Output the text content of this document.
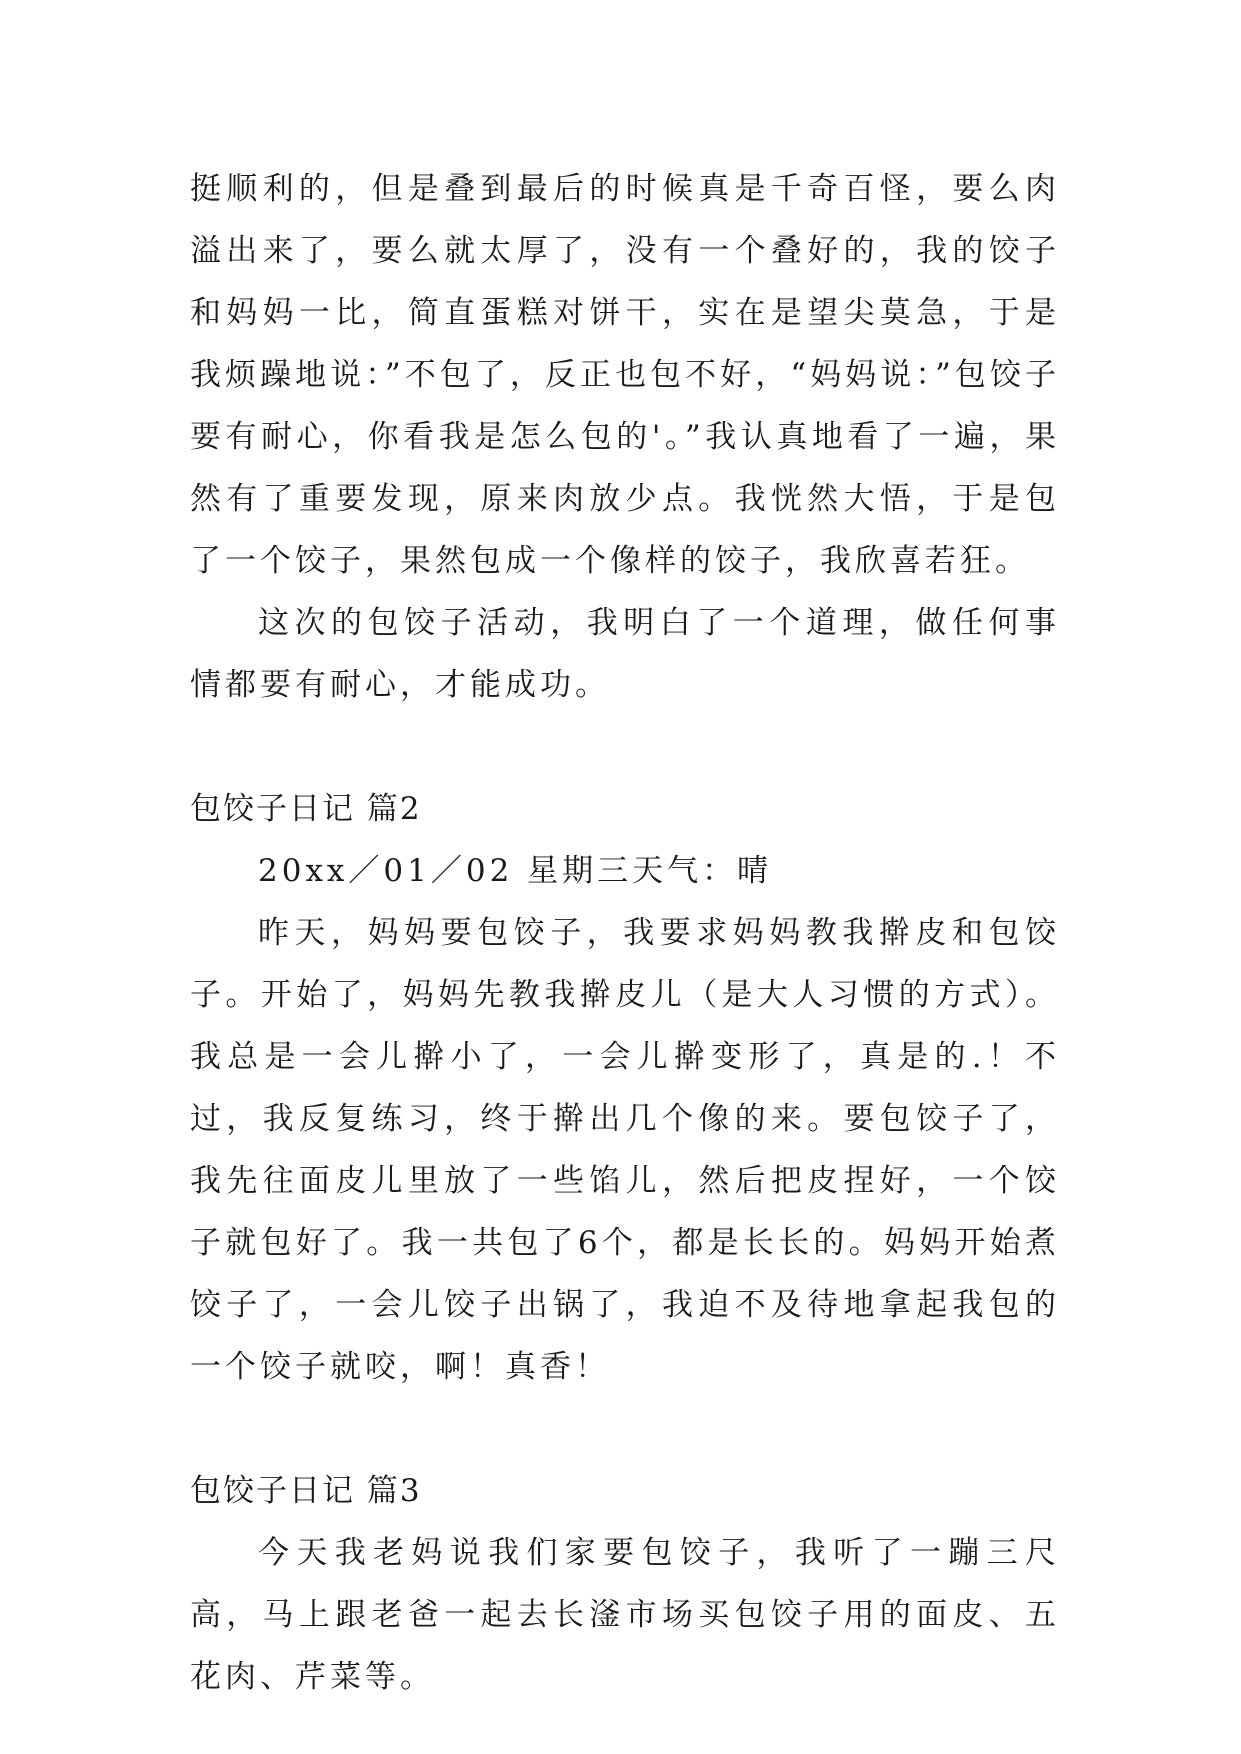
挺顺利的，但是叠到最后的时候真是千奇百怪，要么肉溢出来了，要么就太厚了，没有一个叠好的，我的饺子和妈妈一比，简直蛋糕对饼干，实在是望尖莫急，于是我烦躁地说：”不包了，反正也包不好，“妈妈说：”包饺子要有耐心，你看我是怎么包的'。”我认真地看了一遍，果然有了重要发现，原来肉放少点。我恍然大悟，于是包了一个饺子，果然包成一个像样的饺子，我欣喜若狂。

这次的包饺子活动，我明白了一个道理，做任何事情都要有耐心，才能成功。

包饺子日记 篇2

20xx／01／02 星期三天气：晴

昨天，妈妈要包饺子，我要求妈妈教我擀皮和包饺子。开始了，妈妈先教我擀皮儿（是大人习惯的方式）。我总是一会儿擀小了，一会儿擀变形了，真是的.！不过，我反复练习，终于擀出几个像的来。要包饺子了，我先往面皮儿里放了一些馅儿，然后把皮捏好，一个饺子就包好了。我一共包了6个，都是长长的。妈妈开始煮饺子了，一会儿饺子出锅了，我迫不及待地拿起我包的一个饺子就咬，啊！真香！

包饺子日记 篇3

今天我老妈说我们家要包饺子，我听了一蹦三尺高，马上跟老爸一起去长滏市场买包饺子用的面皮、五花肉、芹菜等。
